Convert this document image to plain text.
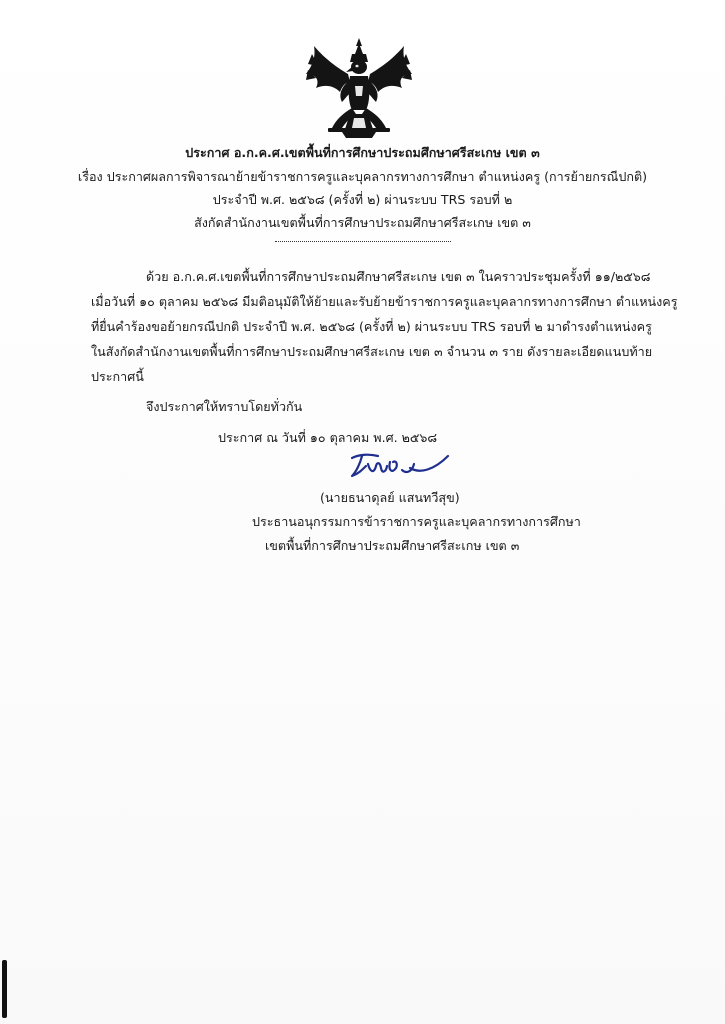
ประกาศ อ.ก.ค.ศ.เขตพื้นที่การศึกษาประถมศึกษาศรีสะเกษ เขต ๓
เรื่อง ประกาศผลการพิจารณาย้ายข้าราชการครูและบุคลากรทางการศึกษา ตำแหน่งครู (การย้ายกรณีปกติ)
ประจำปี พ.ศ. ๒๕๖๘ (ครั้งที่ ๒) ผ่านระบบ TRS รอบที่ ๒
สังกัดสำนักงานเขตพื้นที่การศึกษาประถมศึกษาศรีสะเกษ เขต ๓
ด้วย อ.ก.ค.ศ.เขตพื้นที่การศึกษาประถมศึกษาศรีสะเกษ เขต ๓ ในคราวประชุมครั้งที่ ๑๑/๒๕๖๘
เมื่อวันที่ ๑๐ ตุลาคม ๒๕๖๘ มีมติอนุมัติให้ย้ายและรับย้ายข้าราชการครูและบุคลากรทางการศึกษา ตำแหน่งครู
ที่ยื่นคำร้องขอย้ายกรณีปกติ ประจำปี พ.ศ. ๒๕๖๘ (ครั้งที่ ๒) ผ่านระบบ TRS รอบที่ ๒ มาดำรงตำแหน่งครู
ในสังกัดสำนักงานเขตพื้นที่การศึกษาประถมศึกษาศรีสะเกษ เขต ๓ จำนวน ๓ ราย ดังรายละเอียดแนบท้าย
ประกาศนี้
จึงประกาศให้ทราบโดยทั่วกัน
ประกาศ ณ วันที่ ๑๐ ตุลาคม พ.ศ. ๒๕๖๘
(นายธนาดุลย์ แสนทวีสุข)
ประธานอนุกรรมการข้าราชการครูและบุคลากรทางการศึกษา
เขตพื้นที่การศึกษาประถมศึกษาศรีสะเกษ เขต ๓
